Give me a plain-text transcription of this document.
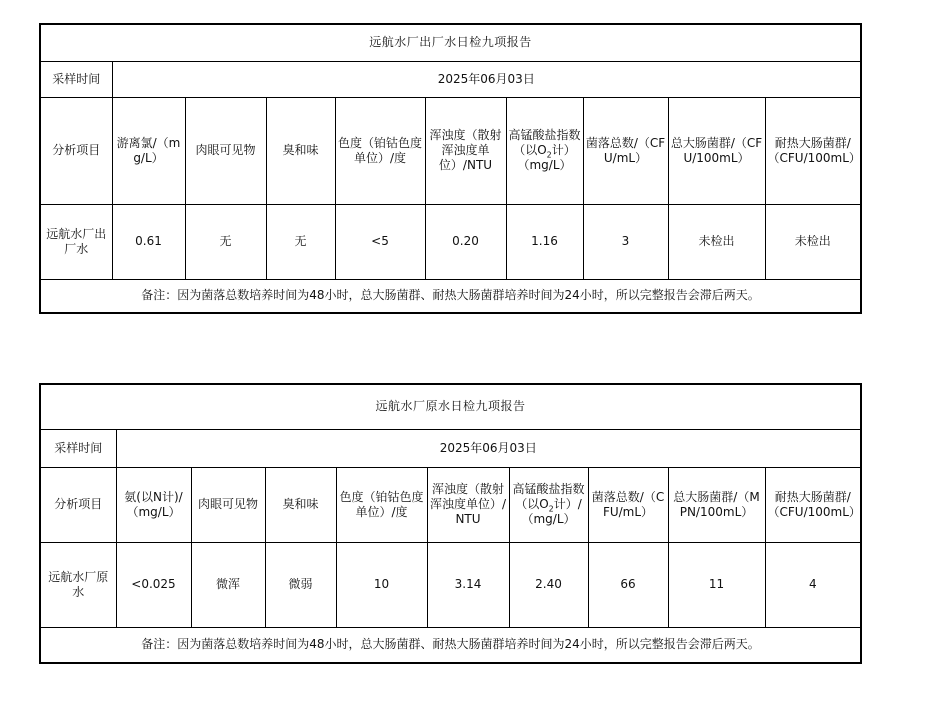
远航水厂出厂水日检九项报告									
采样时间	2025年06月03日								
分析项目	游离氯/（mg/L）	肉眼可见物	臭和味	色度（铂钴色度单位）/度	浑浊度（散射浑浊度单位）/NTU	高锰酸盐指数（以$O_2$计）（mg/L）	菌落总数/（CFU/mL）	总大肠菌群/（CFU/100mL）	耐热大肠菌群/（CFU/100mL）
远航水厂出厂水	0.61	无	无	<5	0.20	1.16	3	未检出	未检出
备注：因为菌落总数培养时间为48小时，总大肠菌群、耐热大肠菌群培养时间为24小时，所以完整报告会滞后两天。									
远航水厂原水日检九项报告									
采样时间	2025年06月03日								
分析项目	氨(以N计)/（mg/L）	肉眼可见物	臭和味	色度（铂钴色度单位）/度	浑浊度（散射浑浊度单位）/NTU	高锰酸盐指数（以$O_2$计）/（mg/L）	菌落总数/（CFU/mL）	总大肠菌群/（MPN/100mL）	耐热大肠菌群/（CFU/100mL）
远航水厂原水	<0.025	微浑	微弱	10	3.14	2.40	66	11	4
备注：因为菌落总数培养时间为48小时，总大肠菌群、耐热大肠菌群培养时间为24小时，所以完整报告会滞后两天。									
